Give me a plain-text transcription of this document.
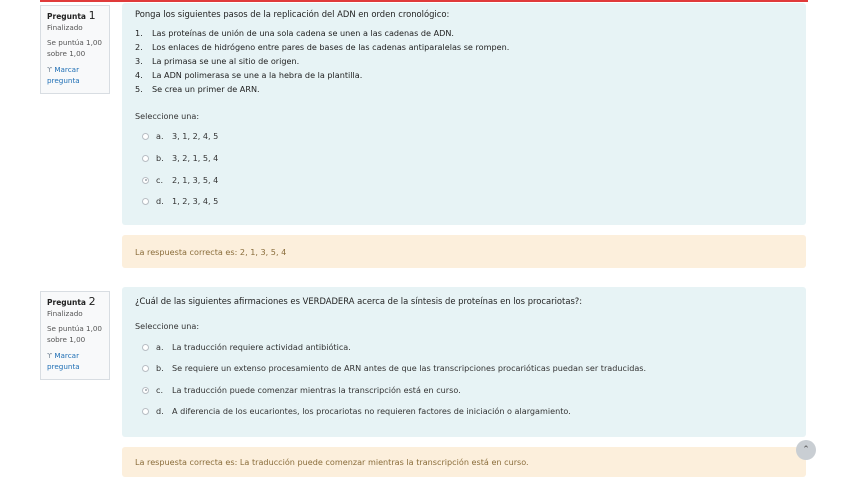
Pregunta 1
Finalizado
Se puntúa 1,00 sobre 1,00
ϒ Marcar pregunta
Ponga los siguientes pasos de la replicación del ADN en orden cronológico:
1. Las proteínas de unión de una sola cadena se unen a las cadenas de ADN.
2. Los enlaces de hidrógeno entre pares de bases de las cadenas antiparalelas se rompen.
3. La primasa se une al sitio de origen.
4. La ADN polimerasa se une a la hebra de la plantilla.
5. Se crea un primer de ARN.
Seleccione una:
a.	3, 1, 2, 4, 5
b.	3, 2, 1, 5, 4
c.	2, 1, 3, 5, 4
d.	1, 2, 3, 4, 5
La respuesta correcta es: 2, 1, 3, 5, 4
Pregunta 2
Finalizado
Se puntúa 1,00 sobre 1,00
ϒ Marcar pregunta
¿Cuál de las siguientes afirmaciones es VERDADERA acerca de la síntesis de proteínas en los procariotas?:
Seleccione una:
a.	La traducción requiere actividad antibiótica.
b.	Se requiere un extenso procesamiento de ARN antes de que las transcripciones procarióticas puedan ser traducidas.
c.	La traducción puede comenzar mientras la transcripción está en curso.
d.	A diferencia de los eucariontes, los procariotas no requieren factores de iniciación o alargamiento.
La respuesta correcta es: La traducción puede comenzar mientras la transcripción está en curso.
⌃
